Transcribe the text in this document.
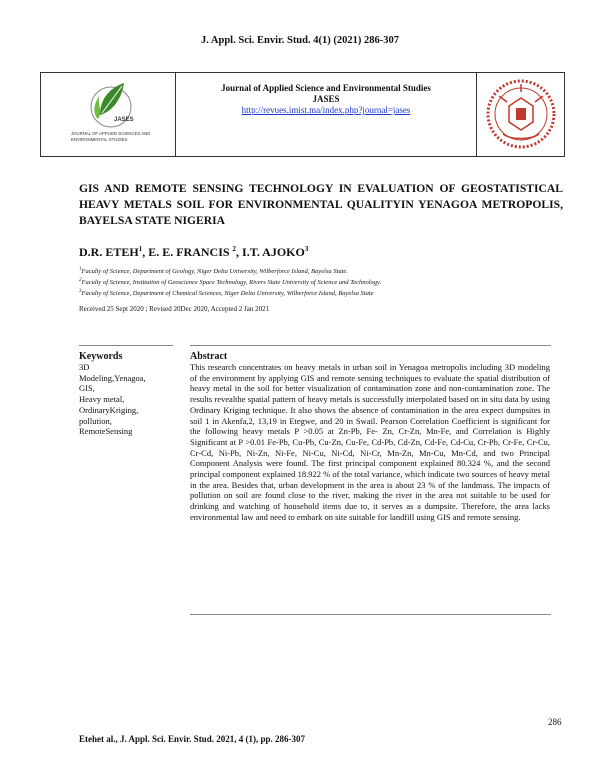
J. Appl. Sci. Envir. Stud. 4(1) (2021) 286-307
JASES
JOURNAL OF APPLIED SCIENCES AND ENVIRONMENTAL STUDIES
Journal of Applied Science and Environmental Studies
JASES
http://revues.imist.ma/index.php?journal=jases
GIS AND REMOTE SENSING TECHNOLOGY IN EVALUATION OF GEOSTATISTICAL HEAVY METALS SOIL FOR ENVIRONMENTAL QUALITYIN YENAGOA METROPOLIS, BAYELSA STATE NIGERIA
D.R. ETEH$^1$, E. E. FRANCIS $^2$, I.T. AJOKO$^3$
$^1$Faculty of Science, Department of Geology, Niger Delta University, Wilberforce Island, Bayelsa State.
$^2$Faculty of Science, Institution of Geoscience Space Technology, Rivers State University of Science and Technology.
$^3$Faculty of Science, Department of Chemical Sciences, Niger Delta University, Wilberforce Island, Bayelsa State
Received 25 Sept 2020 ; Revised 20Dec 2020, Accepted 2 Jan 2021
Keywords	Abstract
3D
Modeling,Yenagoa,
GIS,
Heavy metal,
OrdinaryKriging,
pollution,
RemoteSensing
This research concentrates on heavy metals in urban soil in Yenagoa metropolis including 3D modeling of the environment by applying GIS and remote sensing techniques to evaluate the spatial distribution of heavy metal in the soil for better visualization of contamination zone and non-contamination zone. The results revealthe spatial pattern of heavy metals is successfully interpolated based on in situ data by using Ordinary Kriging technique. It also shows the absence of contamination in the area expect dumpsites in soil 1 in Akenfa,2, 13,19 in Etegwe, and 20 in Swail. Pearson Correlation Coefficient is significant for the following heavy metals P >0.05 at Zn-Pb, Fe- Zn, Cr-Zn, Mn-Fe, and Correlation is Highly Significant at P >0.01 Fe-Pb, Cu-Pb, Cu-Zn, Cu-Fe, Cd-Pb, Cd-Zn, Cd-Fe, Cd-Cu, Cr-Pb, Cr-Fe, Cr-Cu, Cr-Cd, Ni-Pb, Ni-Zn, Ni-Fe, Ni-Cu, Ni-Cd, Ni-Cr, Mn-Zn, Mn-Cu, Mn-Cd, and two Principal Component Analysis were found. The first principal component explained 80.324 %, and the second principal component explained 18.922 % of the total variance, which indicate two sources of heavy metal in the area. Besides that, urban development in the area is about 23 % of the landmass. The impacts of pollution on soil are found close to the river, making the river in the area not suitable to be used for drinking and watching of household items due to, it serves as a dumpsite. Therefore, the area lacks environmental law and need to embark on site suitable for landfill using GIS and remote sensing.
286
Etehet al., J. Appl. Sci. Envir. Stud. 2021, 4 (1), pp. 286-307
